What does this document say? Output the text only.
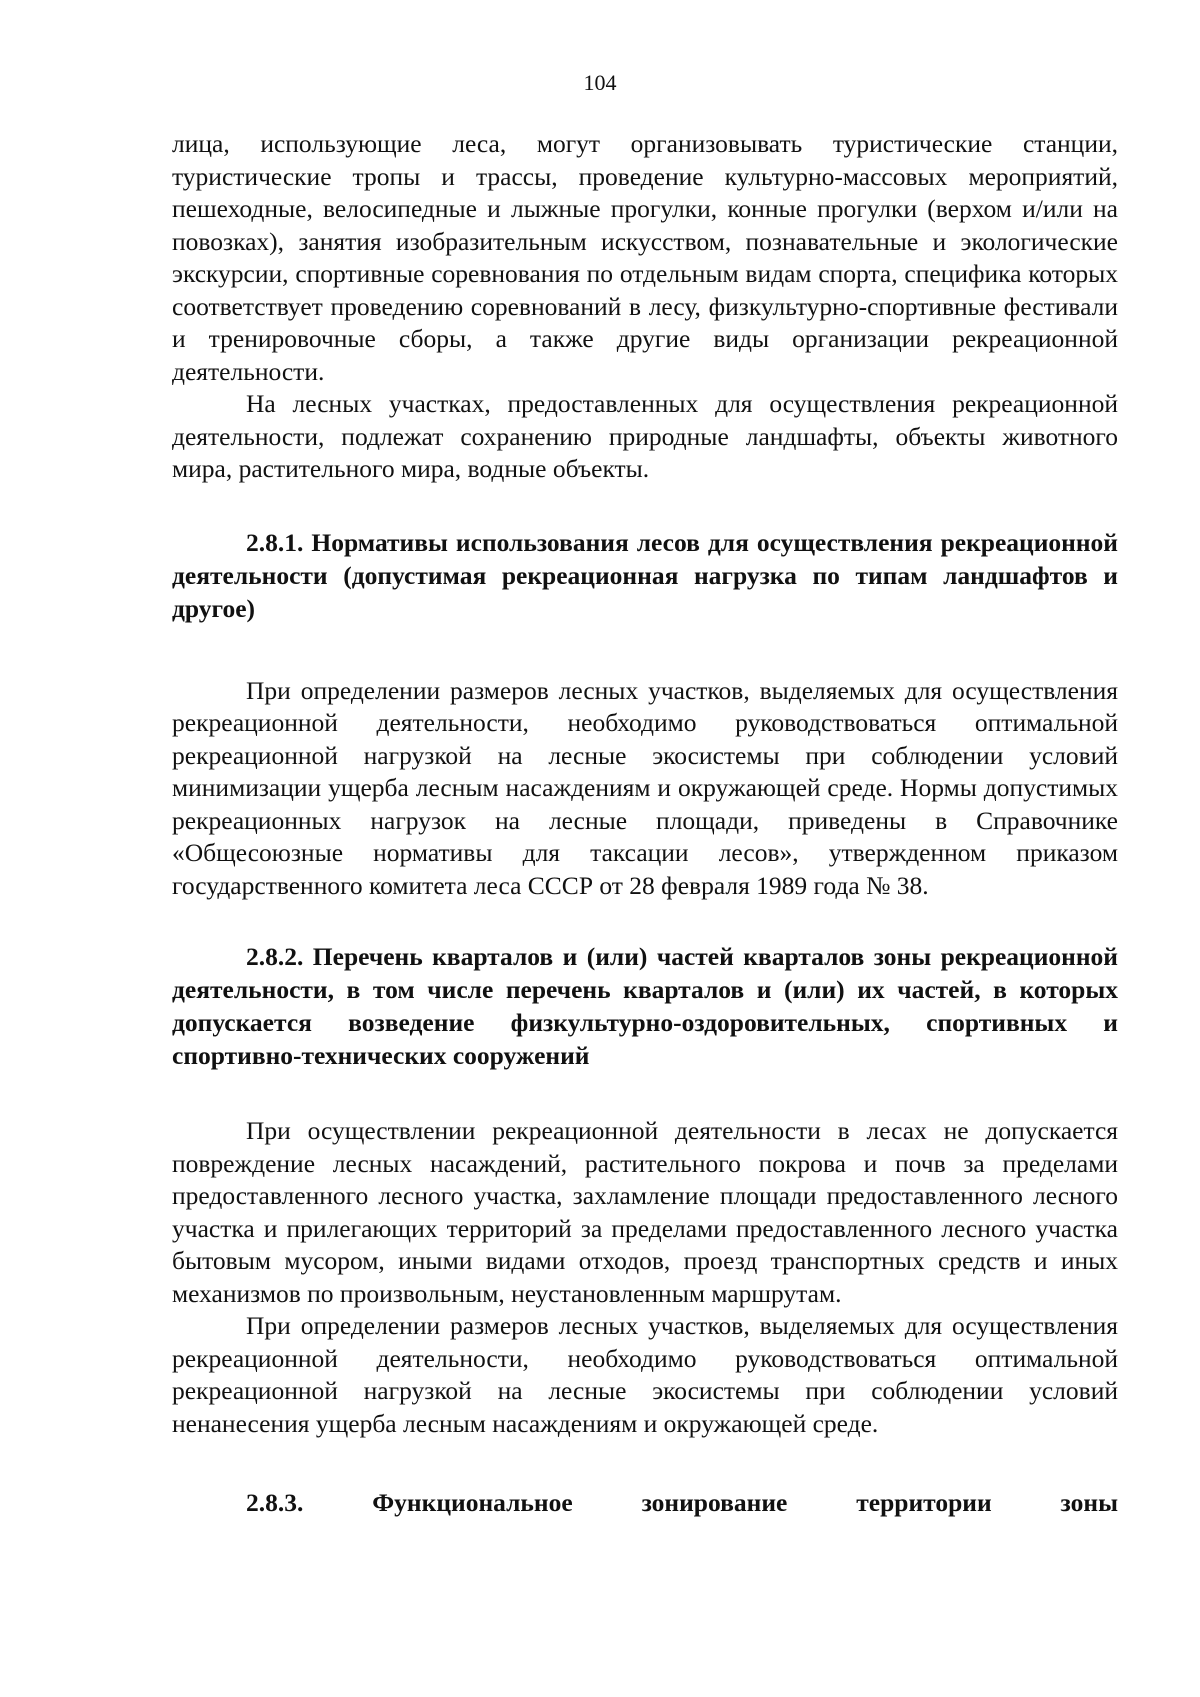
104

лица, использующие леса, могут организовывать туристические станции, туристические тропы и трассы, проведение культурно-массовых мероприятий, пешеходные, велосипедные и лыжные прогулки, конные прогулки (верхом и/или на повозках), занятия изобразительным искусством, познавательные и экологические экскурсии, спортивные соревнования по отдельным видам спорта, специфика которых соответствует проведению соревнований в лесу, физкультурно-спортивные фестивали и тренировочные сборы, а также другие виды организации рекреационной деятельности.

На лесных участках, предоставленных для осуществления рекреационной деятельности, подлежат сохранению природные ландшафты, объекты животного мира, растительного мира, водные объекты.

2.8.1. Нормативы использования лесов для осуществления рекреационной деятельности (допустимая рекреационная нагрузка по типам ландшафтов и другое)

При определении размеров лесных участков, выделяемых для осуществления рекреационной деятельности, необходимо руководствоваться оптимальной рекреационной нагрузкой на лесные экосистемы при соблюдении условий минимизации ущерба лесным насаждениям и окружающей среде. Нормы допустимых рекреационных нагрузок на лесные площади, приведены в Справочнике «Общесоюзные нормативы для таксации лесов», утвержденном приказом государственного комитета леса СССР от 28 февраля 1989 года № 38.

2.8.2. Перечень кварталов и (или) частей кварталов зоны рекреационной деятельности, в том числе перечень кварталов и (или) их частей, в которых допускается возведение физкультурно-оздоровительных, спортивных и спортивно-технических сооружений

При осуществлении рекреационной деятельности в лесах не допускается повреждение лесных насаждений, растительного покрова и почв за пределами предоставленного лесного участка, захламление площади предоставленного лесного участка и прилегающих территорий за пределами предоставленного лесного участка бытовым мусором, иными видами отходов, проезд транспортных средств и иных механизмов по произвольным, неустановленным маршрутам.

При определении размеров лесных участков, выделяемых для осуществления рекреационной деятельности, необходимо руководствоваться оптимальной рекреационной нагрузкой на лесные экосистемы при соблюдении условий ненанесения ущерба лесным насаждениям и окружающей среде.

2.8.3. Функциональное зонирование территории зоны
